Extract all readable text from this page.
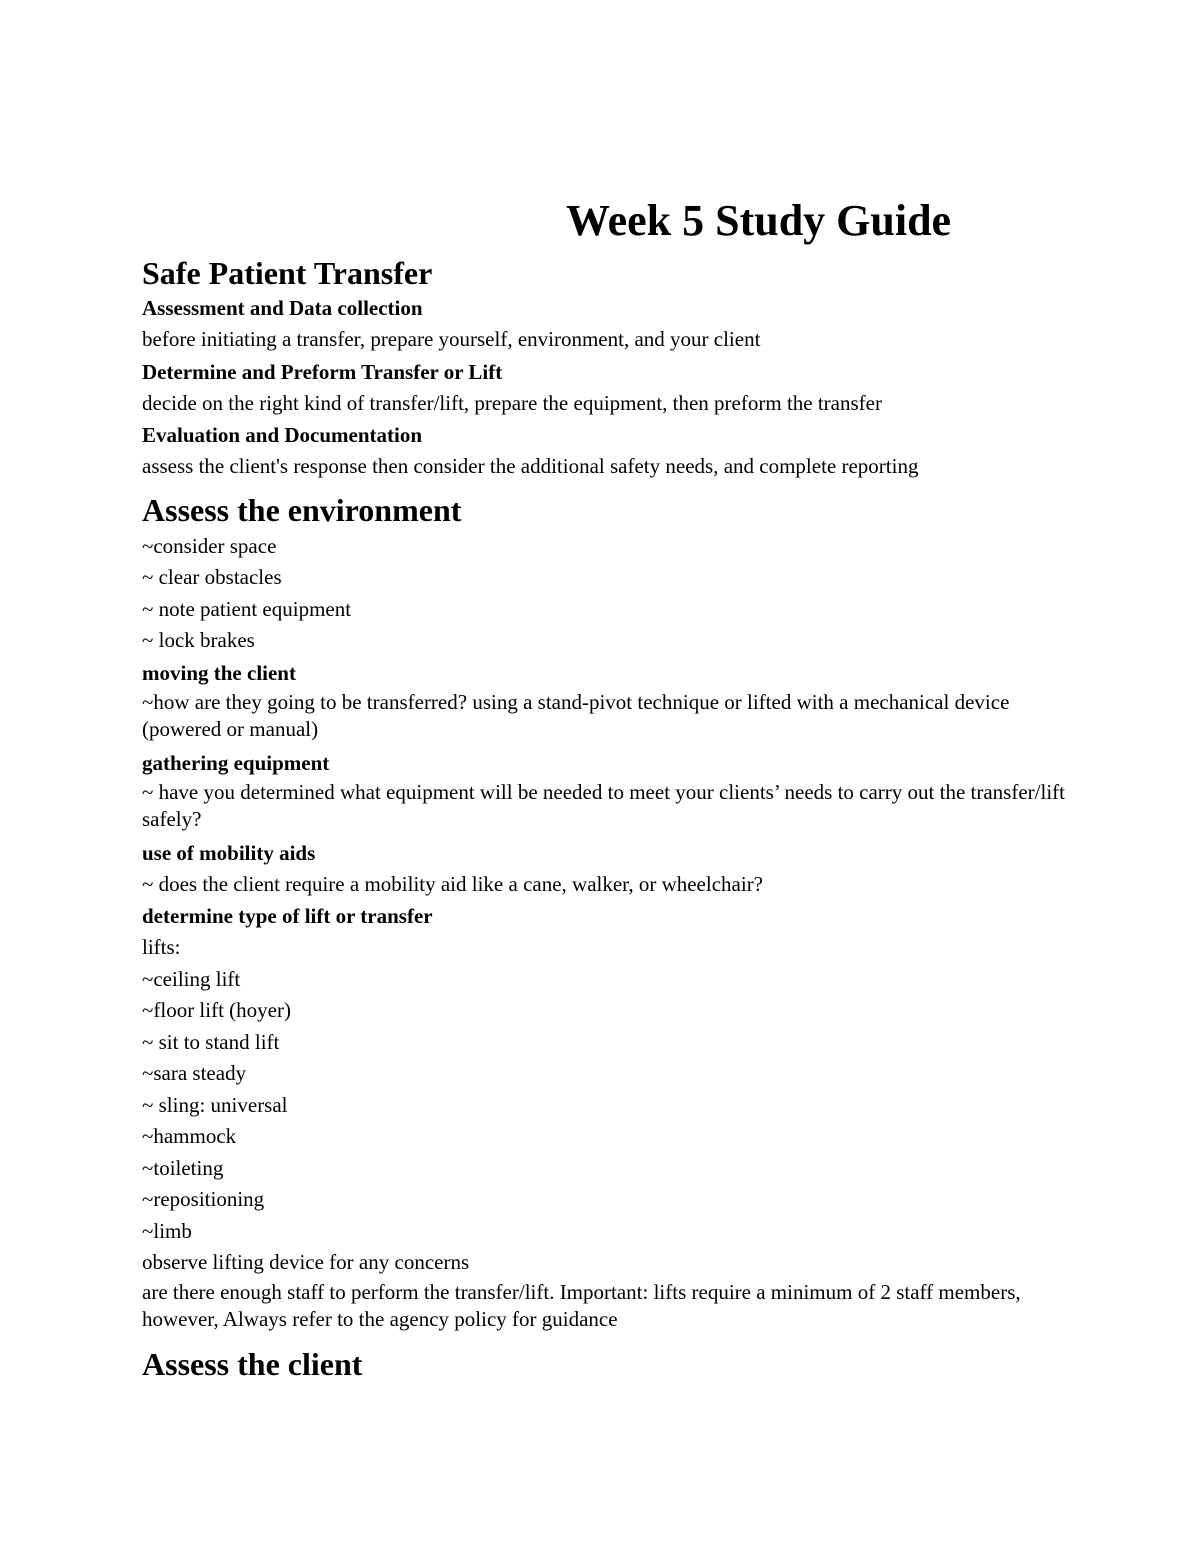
Week 5 Study Guide
Safe Patient Transfer
Assessment and Data collection
before initiating a transfer, prepare yourself, environment, and your client
Determine and Preform Transfer or Lift
decide on the right kind of transfer/lift, prepare the equipment, then preform the transfer
Evaluation and Documentation
assess the client's response then consider the additional safety needs, and complete reporting
Assess the environment
~consider space
~ clear obstacles
~ note patient equipment
~ lock brakes
moving the client
~how are they going to be transferred? using a stand-pivot technique or lifted with a mechanical device (powered or manual)
gathering equipment
~ have you determined what equipment will be needed to meet your clients’ needs to carry out the transfer/lift safely?
use of mobility aids
~ does the client require a mobility aid like a cane, walker, or wheelchair?
determine type of lift or transfer
lifts:
~ceiling lift
~floor lift (hoyer)
~ sit to stand lift
~sara steady
~ sling: universal
~hammock
~toileting
~repositioning
~limb
observe lifting device for any concerns
are there enough staff to perform the transfer/lift. Important: lifts require a minimum of 2 staff members, however, Always refer to the agency policy for guidance
Assess the client
